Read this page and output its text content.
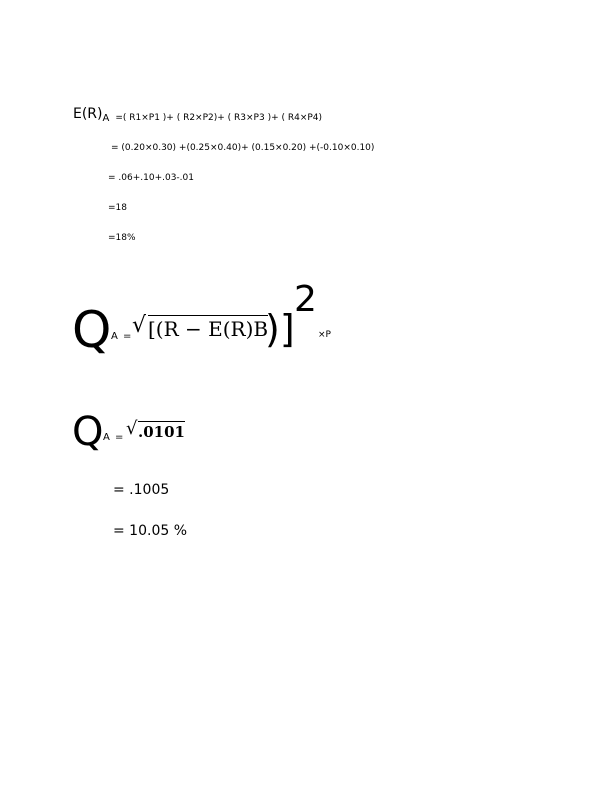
E(R) A =( R1×P1 )+ ( R2×P2)+ ( R3×P3 )+ ( R4×P4)
= (0.20×0.30) +(0.25×0.40)+ (0.15×0.20) +(-0.10×0.10)
= .06+.10+.03-.01
=18
=18%
Q A = √ [(R − E(R)B
)]
2
×P
Q A = √ .0101
= .1005
= 10.05 %
